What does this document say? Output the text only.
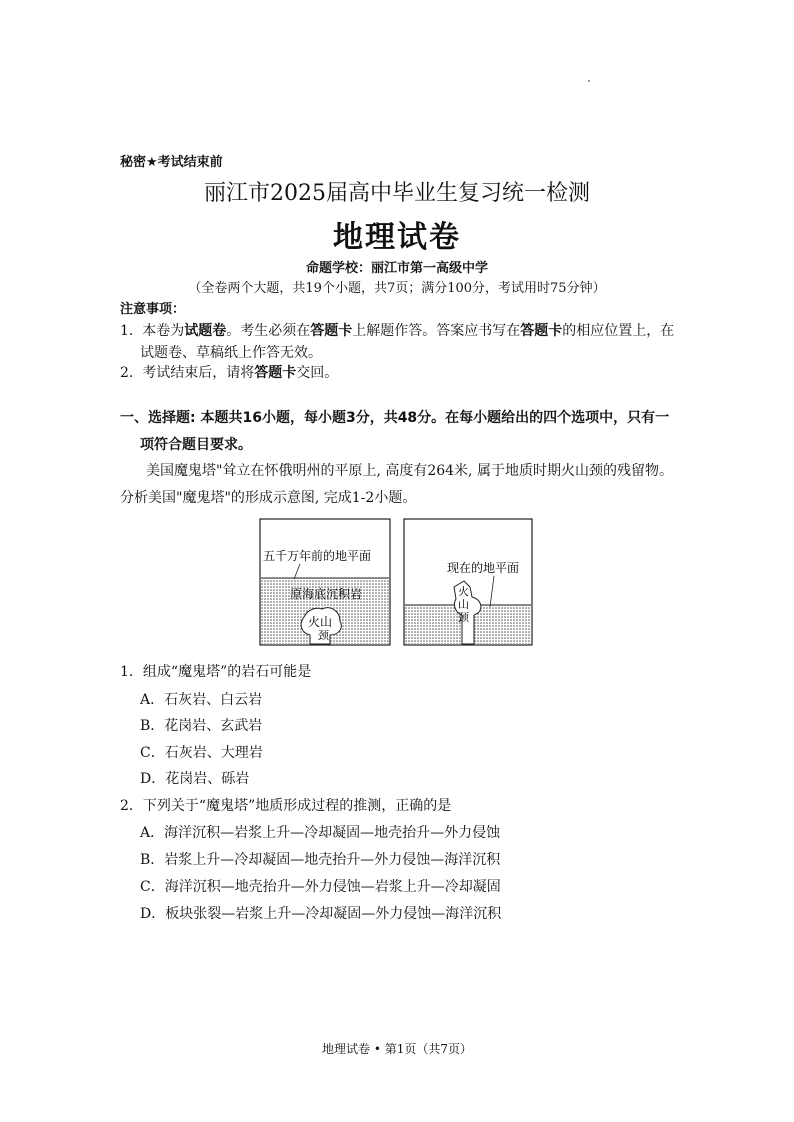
秘密★考试结束前
丽江市2025届高中毕业生复习统一检测
地理试卷
命题学校：丽江市第一高级中学
（全卷两个大题，共19个小题，共7页；满分100分，考试用时75分钟）
注意事项：
1. 本卷为试题卷。考生必须在答题卡上解题作答。答案应书写在答题卡的相应位置上，在
试题卷、草稿纸上作答无效。
2. 考试结束后，请将答题卡交回。
一、选择题: 本题共16小题，每小题3分，共48分。在每小题给出的四个选项中，只有一
项符合题目要求。
美国魔鬼塔"耸立在怀俄明州的平原上, 高度有264米, 属于地质时期火山颈的残留物。
分析美国"魔鬼塔"的形成示意图, 完成1-2小题。
五千万年前的地平面
原海底沉积岩
火山
颈
现在的地平面
火
山
颈
1．组成“魔鬼塔”的岩石可能是
A．石灰岩、白云岩
B．花岗岩、玄武岩
C．石灰岩、大理岩
D．花岗岩、砾岩
2．下列关于“魔鬼塔”地质形成过程的推测，正确的是
A．海洋沉积—岩浆上升—冷却凝固—地壳抬升—外力侵蚀
B．岩浆上升—冷却凝固—地壳抬升—外力侵蚀—海洋沉积
C．海洋沉积—地壳抬升—外力侵蚀—岩浆上升—冷却凝固
D．板块张裂—岩浆上升—冷却凝固—外力侵蚀—海洋沉积
地理试卷 • 第1页（共7页）
